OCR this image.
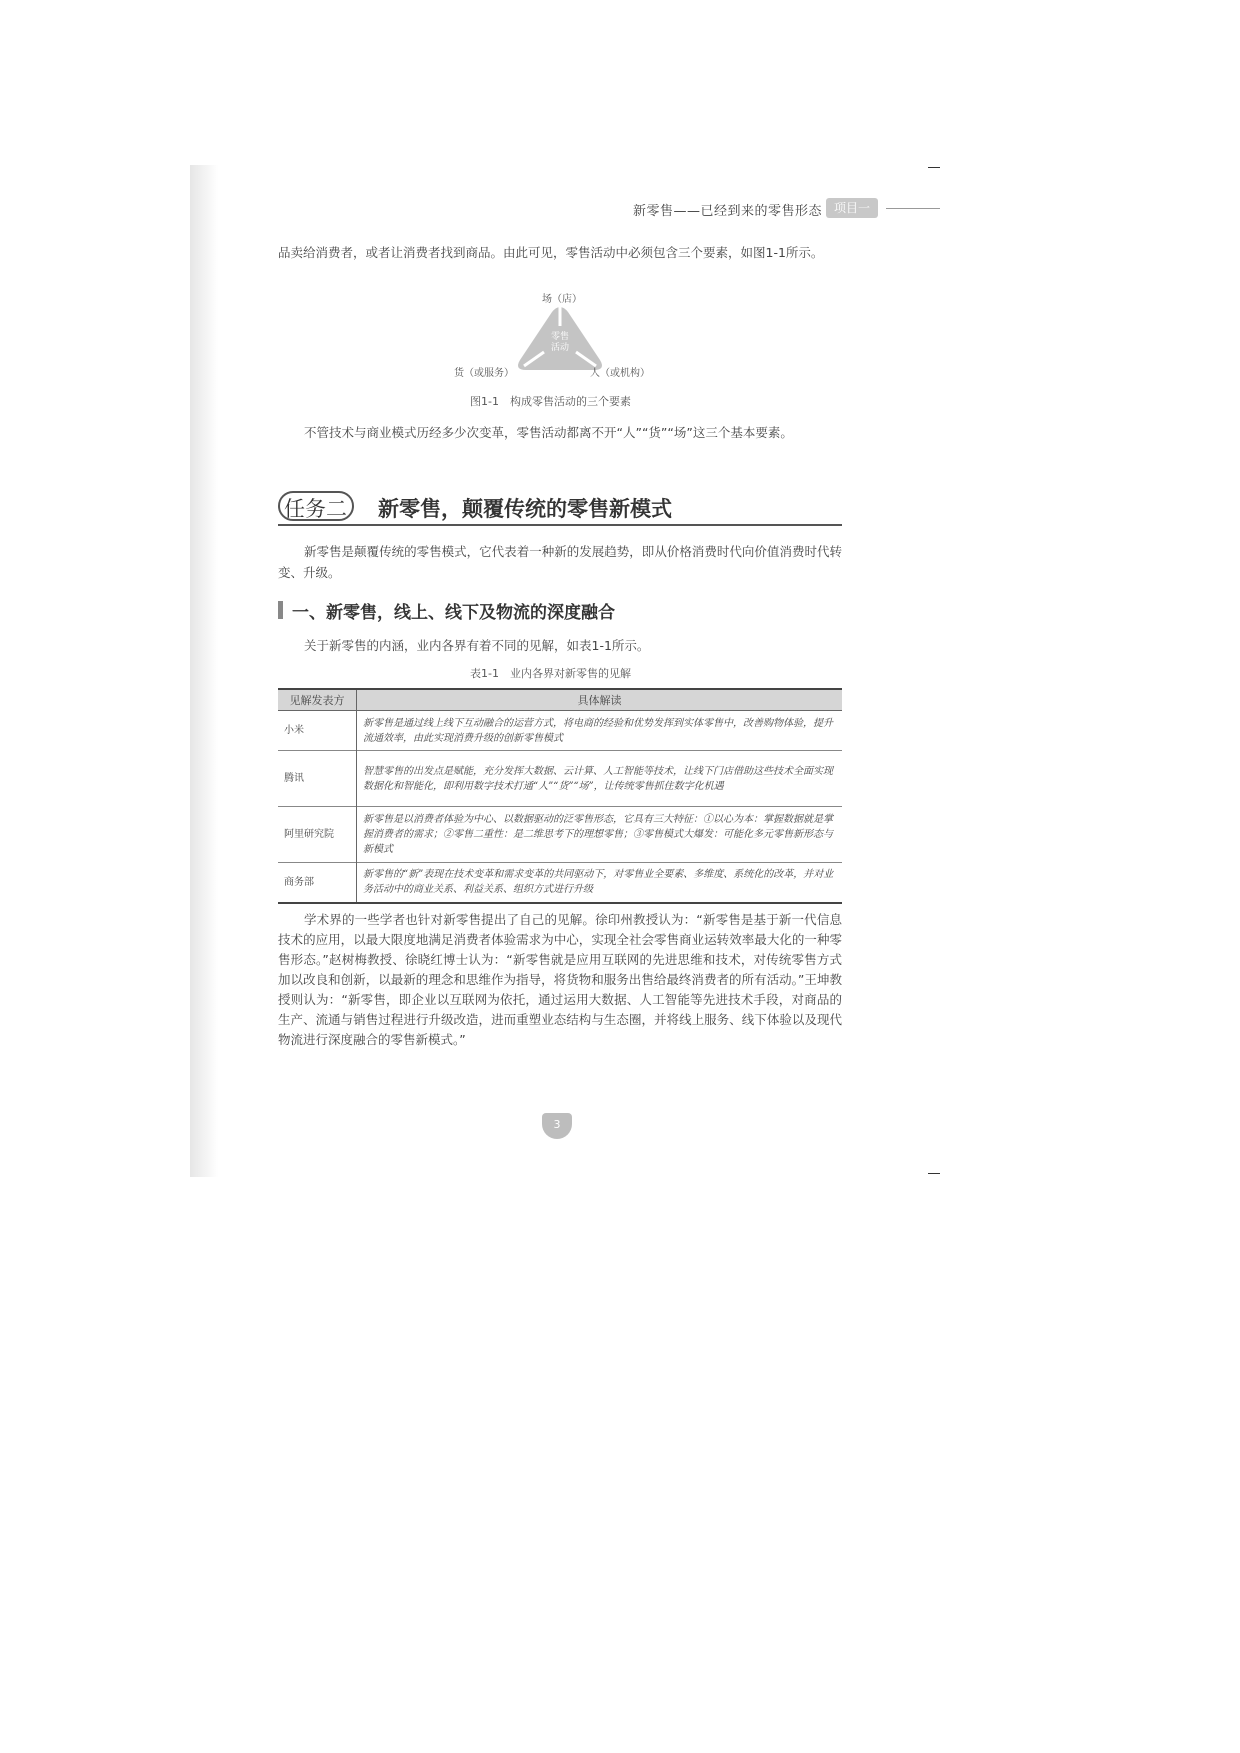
新零售——已经到来的零售形态	项目一
品卖给消费者，或者让消费者找到商品。由此可见，零售活动中必须包含三个要素，如图1-1所示。
场（店）
零售活动
货（或服务）	人（或机构）
图1-1　构成零售活动的三个要素
不管技术与商业模式历经多少次变革，零售活动都离不开“人”“货”“场”这三个基本要素。
任务二 新零售，颠覆传统的零售新模式
新零售是颠覆传统的零售模式，它代表着一种新的发展趋势，即从价格消费时代向价值消费时代转变、升级。
一、新零售，线上、线下及物流的深度融合
关于新零售的内涵，业内各界有着不同的见解，如表1-1所示。
表1-1　业内各界对新零售的见解
见解发表方	具体解读
小米	新零售是通过线上线下互动融合的运营方式，将电商的经验和优势发挥到实体零售中，改善购物体验，提升流通效率，由此实现消费升级的创新零售模式
腾讯	智慧零售的出发点是赋能，充分发挥大数据、云计算、人工智能等技术，让线下门店借助这些技术全面实现数据化和智能化，即利用数字技术打通“人”“货”“场”，让传统零售抓住数字化机遇
阿里研究院	新零售是以消费者体验为中心、以数据驱动的泛零售形态，它具有三大特征：①以心为本：掌握数据就是掌握消费者的需求；②零售二重性：是二维思考下的理想零售；③零售模式大爆发：可能化多元零售新形态与新模式
商务部	新零售的“新”表现在技术变革和需求变革的共同驱动下，对零售业全要素、多维度、系统化的改革，并对业务活动中的商业关系、利益关系、组织方式进行升级
学术界的一些学者也针对新零售提出了自己的见解。徐印州教授认为：“新零售是基于新一代信息技术的应用，以最大限度地满足消费者体验需求为中心，实现全社会零售商业运转效率最大化的一种零售形态。”赵树梅教授、徐晓红博士认为：“新零售就是应用互联网的先进思维和技术，对传统零售方式加以改良和创新，以最新的理念和思维作为指导，将货物和服务出售给最终消费者的所有活动。”王坤教授则认为：“新零售，即企业以互联网为依托，通过运用大数据、人工智能等先进技术手段，对商品的生产、流通与销售过程进行升级改造，进而重塑业态结构与生态圈，并将线上服务、线下体验以及现代物流进行深度融合的零售新模式。”
3
